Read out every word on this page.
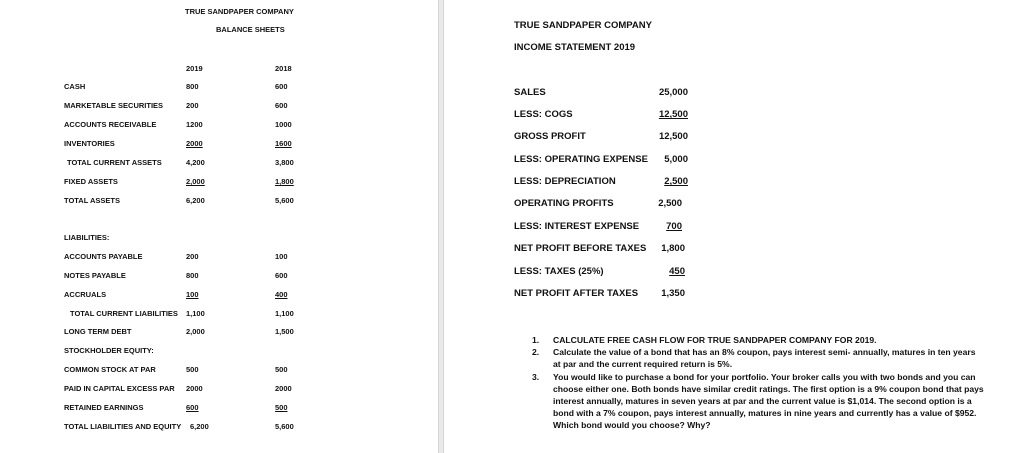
TRUE SANDPAPER COMPANY
BALANCE SHEETS
2019	2018
CASH	800	600
MARKETABLE SECURITIES	200	600
ACCOUNTS RECEIVABLE	1200	1000
INVENTORIES	2000	1600
TOTAL CURRENT ASSETS	4,200	3,800
FIXED ASSETS	2,000	1,800
TOTAL ASSETS	6,200	5,600
LIABILITIES:
ACCOUNTS PAYABLE	200	100
NOTES PAYABLE	800	600
ACCRUALS	100	400
TOTAL CURRENT LIABILITIES 1,100	1,100
LONG TERM DEBT	2,000	1,500
STOCKHOLDER EQUITY:
COMMON STOCK AT PAR	500	500
PAID IN CAPITAL EXCESS PAR 2000	2000
RETAINED EARNINGS	600	500
TOTAL LIABILITIES AND EQUITY 6,200	5,600
TRUE SANDPAPER COMPANY
INCOME STATEMENT 2019
SALES	25,000
LESS: COGS	12,500
GROSS PROFIT	12,500
LESS: OPERATING EXPENSE	5,000
LESS: DEPRECIATION	2,500
OPERATING PROFITS	2,500
LESS: INTEREST EXPENSE	700
NET PROFIT BEFORE TAXES	1,800
LESS: TAXES (25%)	450
NET PROFIT AFTER TAXES	1,350
1. CALCULATE FREE CASH FLOW FOR TRUE SANDPAPER COMPANY FOR 2019.
2. Calculate the value of a bond that has an 8% coupon, pays interest semi- annually, matures in ten years at par and the current required return is 5%.
3. You would like to purchase a bond for your portfolio. Your broker calls you with two bonds and you can choose either one. Both bonds have similar credit ratings. The first option is a 9% coupon bond that pays interest annually, matures in seven years at par and the current value is $1,014. The second option is a bond with a 7% coupon, pays interest annually, matures in nine years and currently has a value of $952. Which bond would you choose? Why?
